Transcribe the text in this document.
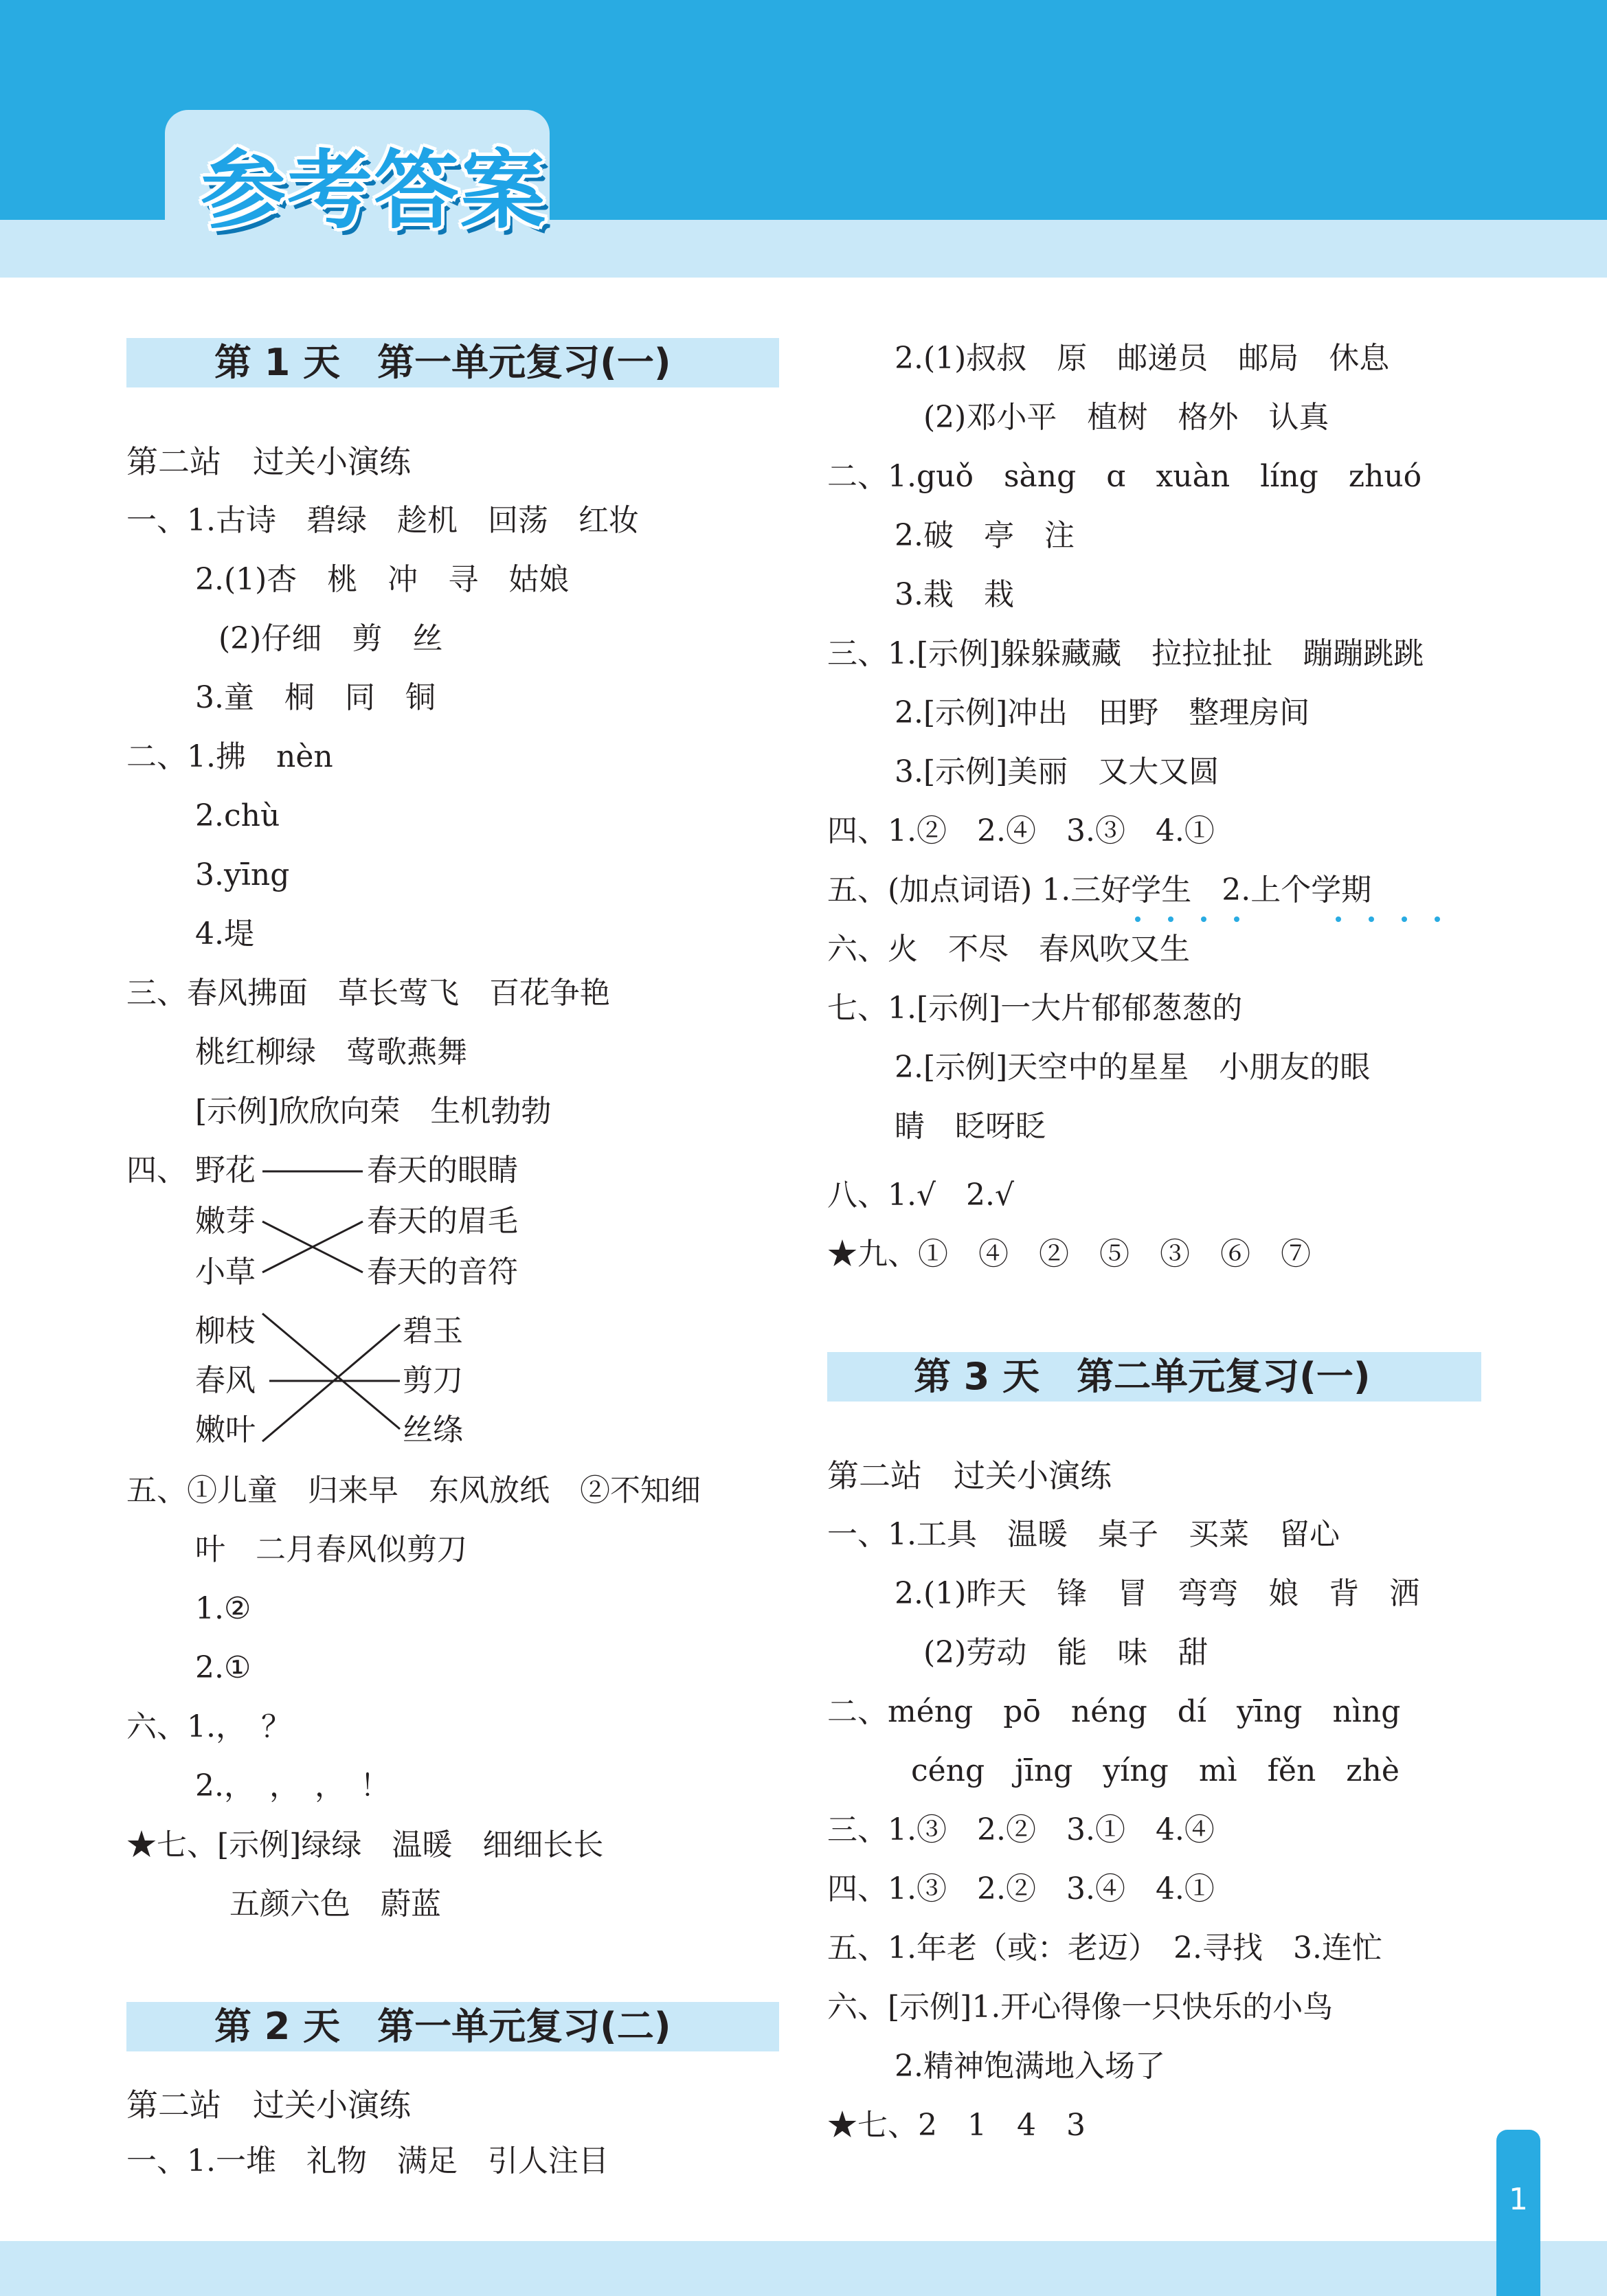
参考答案
第 1 天　第一单元复习(一)
第二站　过关小演练
一、1.古诗　碧绿　趁机　回荡　红妆
2.(1)杏　桃　冲　寻　姑娘
(2)仔细　剪　丝
3.童　桐　同　铜
二、1.拂　nèn
2.chù
3.yīng
4.堤
三、春风拂面　草长莺飞　百花争艳
桃红柳绿　莺歌燕舞
[示例]欣欣向荣　生机勃勃
四、 野花
嫩芽
小草
春天的眼睛
春天的眉毛
春天的音符
柳枝
春风
嫩叶
碧玉
剪刀
丝绦
五、①儿童　归来早　东风放纸　②不知细
叶　二月春风似剪刀
1.②
2.①
六、1.，　？
2.，　，　，　！
★七、[示例]绿绿　温暖　细细长长
五颜六色　蔚蓝
第 2 天　第一单元复习(二)
第二站　过关小演练
一、1.一堆　礼物　满足　引人注目
2.(1)叔叔　原　邮递员　邮局　休息
(2)邓小平　植树　格外　认真
二、1.guǒ　sàng　ɑ　xuàn　líng　zhuó
2.破　亭　注
3.栽　栽
三、1.[示例]躲躲藏藏　拉拉扯扯　蹦蹦跳跳
2.[示例]冲出　田野　整理房间
3.[示例]美丽　又大又圆
四、1.②　2.④　3.③　4.①
五、(加点词语) 1.三好学生　2.上个学期
六、火　不尽　春风吹又生
七、1.[示例]一大片郁郁葱葱的
2.[示例]天空中的星星　小朋友的眼
睛　眨呀眨
八、1.√　2.√
★九、①　④　②　⑤　③　⑥　⑦
第 3 天　第二单元复习(一)
第二站　过关小演练
一、1.工具　温暖　桌子　买菜　留心
2.(1)昨天　锋　冒　弯弯　娘　背　洒
(2)劳动　能　味　甜
二、méng　pō　néng　dí　yīng　nìng
céng　jīng　yíng　mì　fěn　zhè
三、1.③　2.②　3.①　4.④
四、1.③　2.②　3.④　4.①
五、1.年老（或：老迈）　2.寻找　3.连忙
六、[示例]1.开心得像一只快乐的小鸟
2.精神饱满地入场了
★七、2　1　4　3
1
